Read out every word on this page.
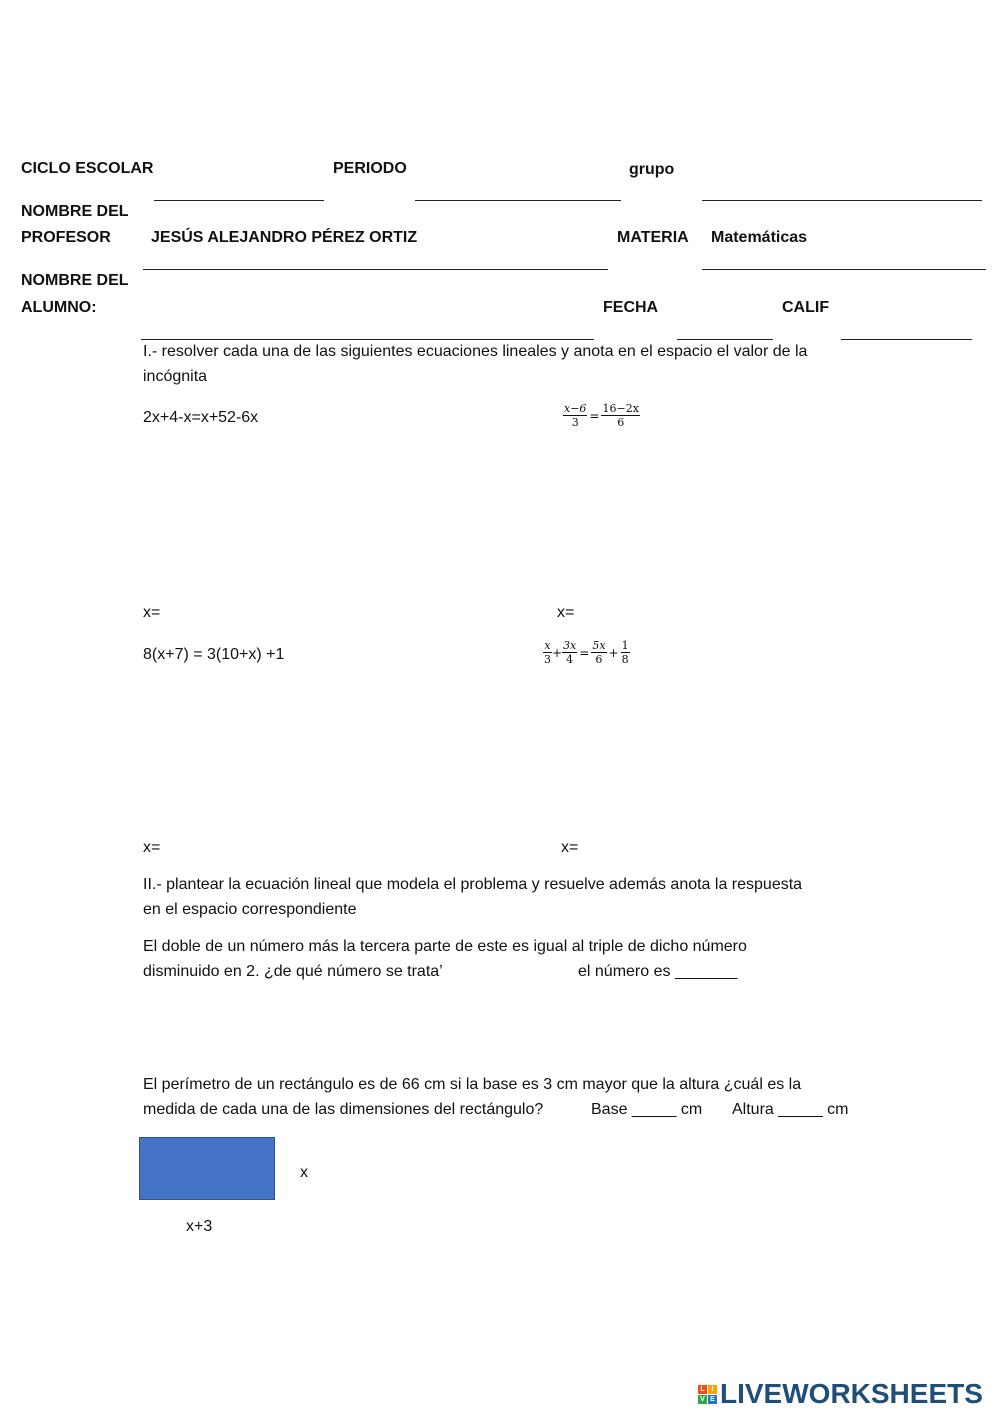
CICLO ESCOLAR	PERIODO	grupo
NOMBRE DEL
PROFESOR	JESÚS ALEJANDRO PÉREZ ORTIZ	MATERIA Matemáticas
NOMBRE DEL
ALUMNO:	FECHA	CALIF
I.- resolver cada una de las siguientes ecuaciones lineales y anota en el espacio el valor de la
incógnita
2x+4-x=x+52-6x	$\frac{x-6}{3} = \frac{16-2x}{6}$
x=	x=
8(x+7) = 3(10+x) +1	$\frac{x}{3} + \frac{3x}{4} = \frac{5x}{6} + \frac{1}{8}$
x=	x=
II.- plantear la ecuación lineal que modela el problema y resuelve además anota la respuesta
en el espacio correspondiente
El doble de un número más la tercera parte de este es igual al triple de dicho número
disminuido en 2. ¿de qué número se trata’	el número es _______
El perímetro de un rectángulo es de 66 cm si la base es 3 cm mayor que la altura ¿cuál es la
medida de cada una de las dimensiones del rectángulo?	Base _____ cm Altura _____ cm
x
x+3
L I
V E LIVEWORKSHEETS
